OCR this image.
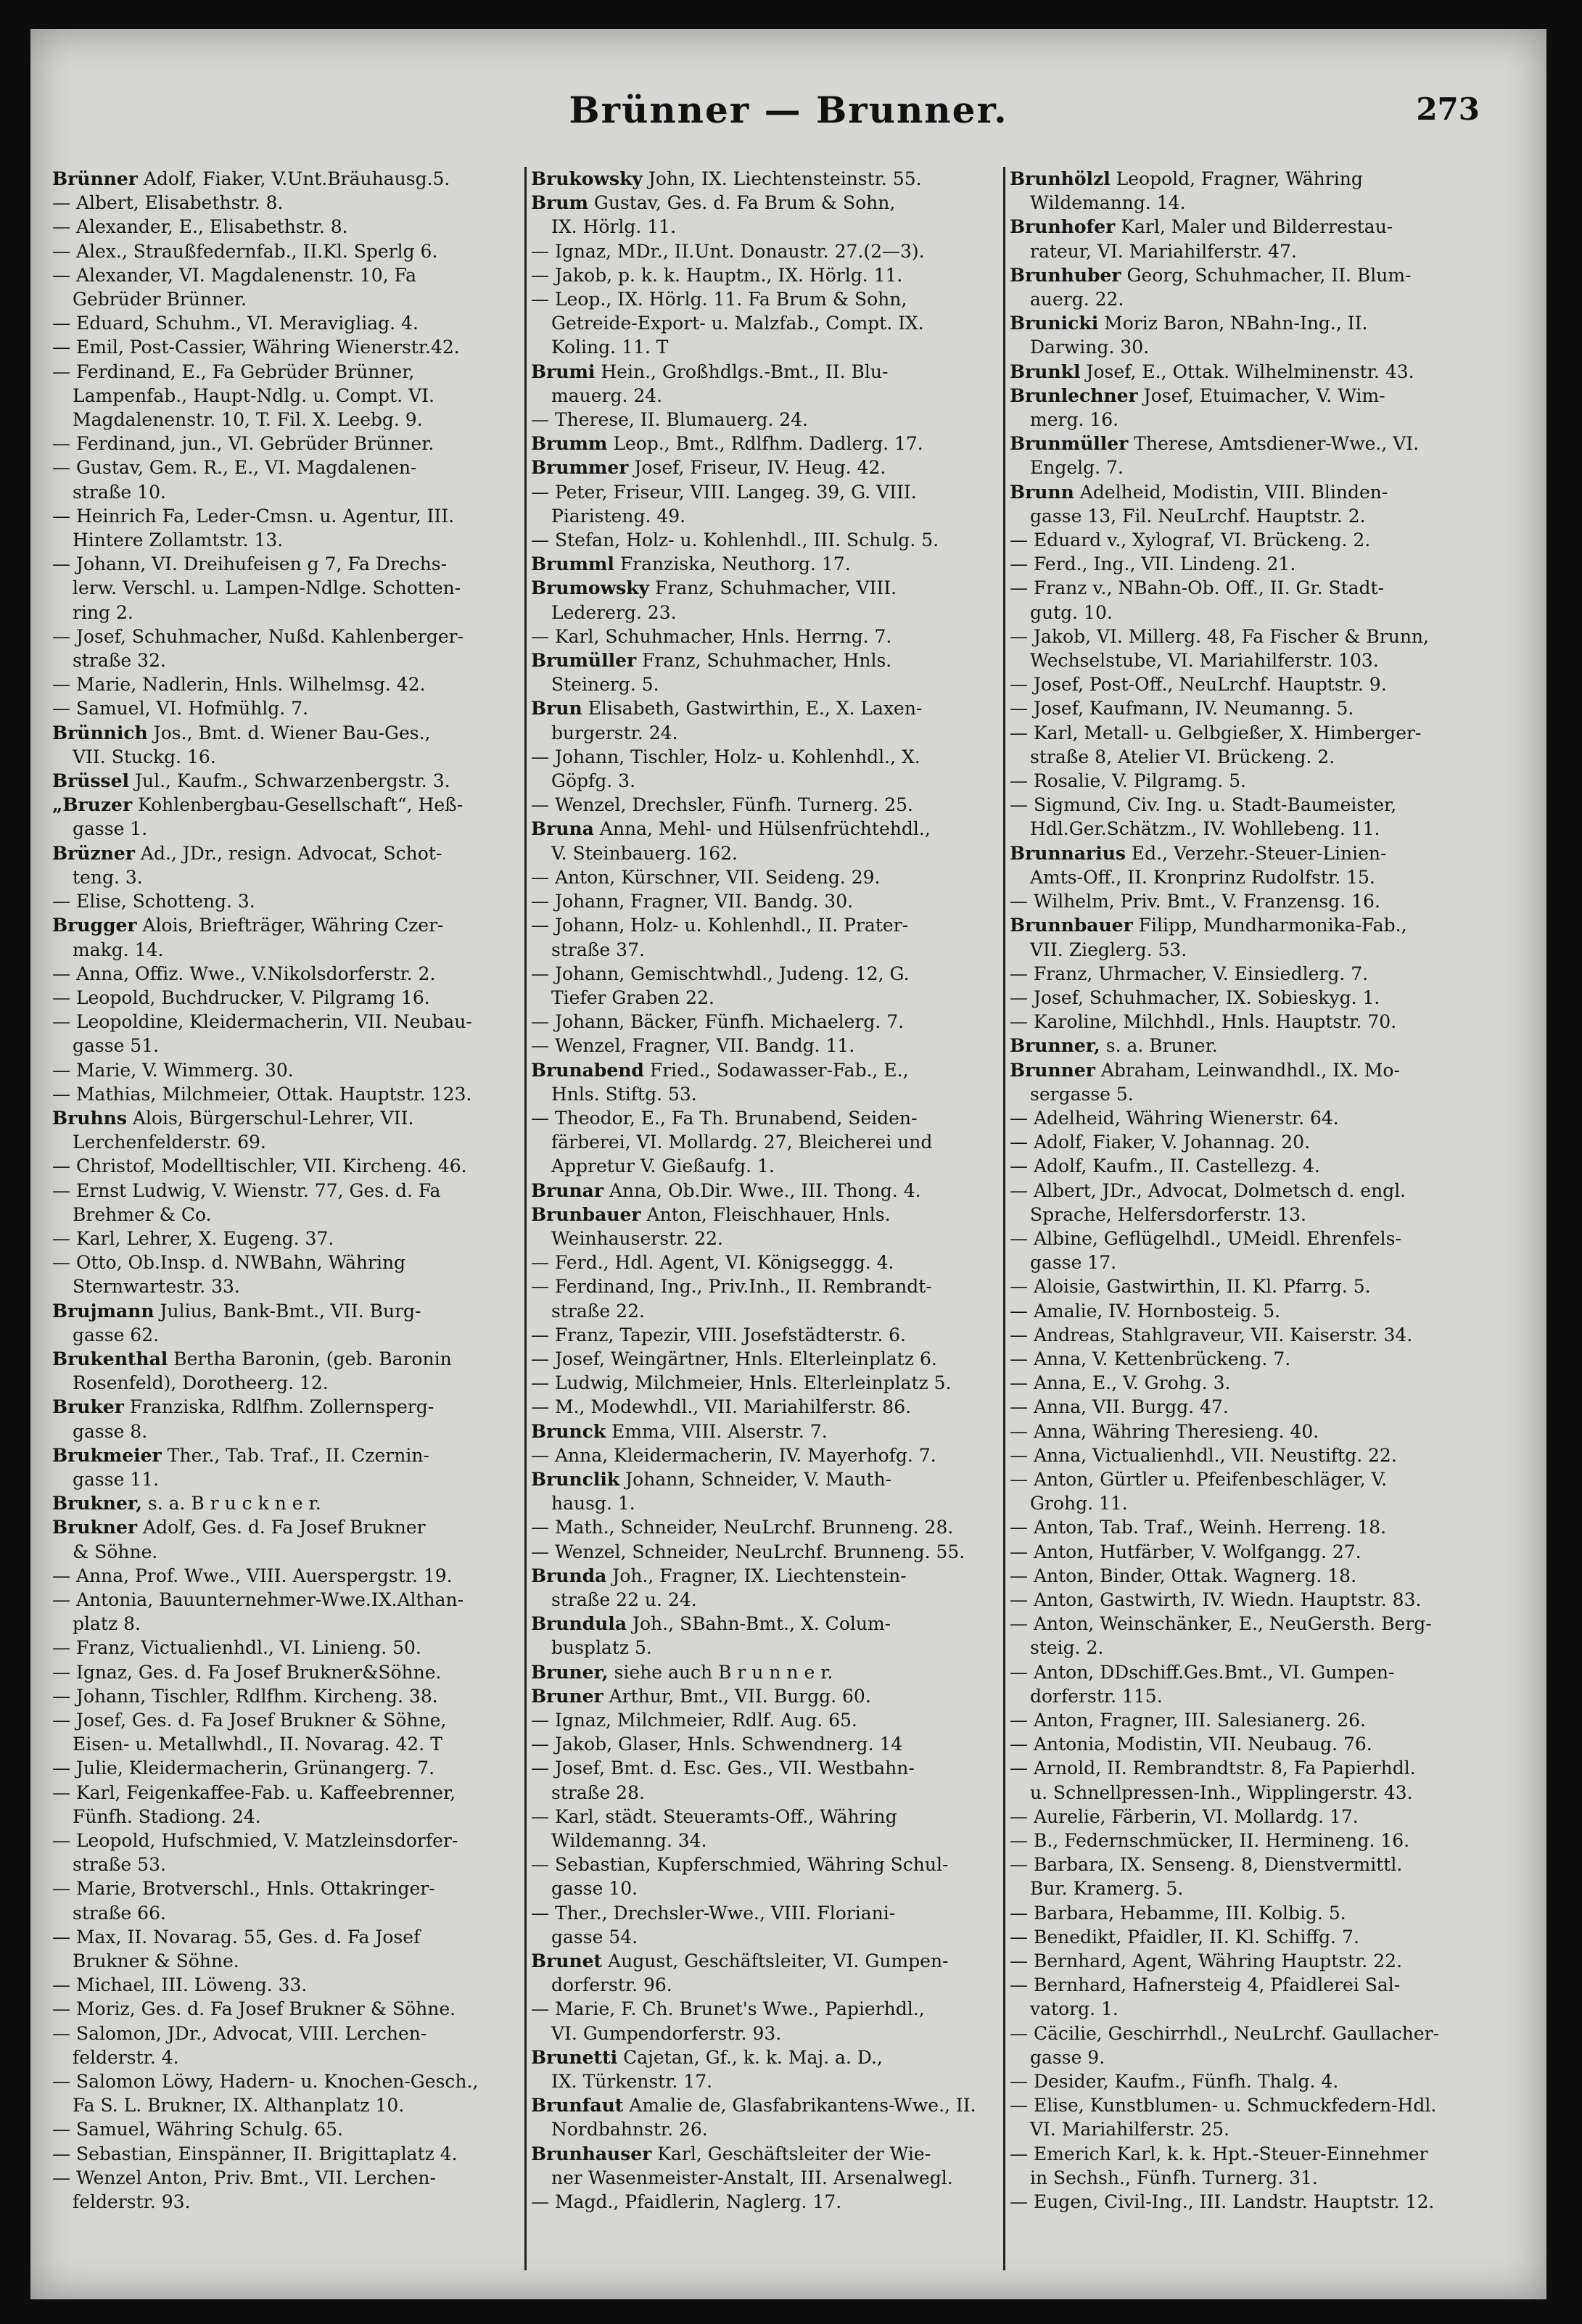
Brünner — Brunner.	273
Brünner Adolf, Fiaker, V.Unt.Bräuhausg.5.
— Albert, Elisabethstr. 8.
— Alexander, E., Elisabethstr. 8.
— Alex., Straußfedernfab., II.Kl. Sperlg 6.
— Alexander, VI. Magdalenenstr. 10, Fa
Gebrüder Brünner.
— Eduard, Schuhm., VI. Meravigliag. 4.
— Emil, Post-Cassier, Währing Wienerstr.42.
— Ferdinand, E., Fa Gebrüder Brünner,
Lampenfab., Haupt-Ndlg. u. Compt. VI.
Magdalenenstr. 10, T. Fil. X. Leebg. 9.
— Ferdinand, jun., VI. Gebrüder Brünner.
— Gustav, Gem. R., E., VI. Magdalenen-
straße 10.
— Heinrich Fa, Leder-Cmsn. u. Agentur, III.
Hintere Zollamtstr. 13.
— Johann, VI. Dreihufeisen g 7, Fa Drechs-
lerw. Verschl. u. Lampen-Ndlge. Schotten-
ring 2.
— Josef, Schuhmacher, Nußd. Kahlenberger-
straße 32.
— Marie, Nadlerin, Hnls. Wilhelmsg. 42.
— Samuel, VI. Hofmühlg. 7.
Brünnich Jos., Bmt. d. Wiener Bau-Ges.,
VII. Stuckg. 16.
Brüssel Jul., Kaufm., Schwarzenbergstr. 3.
„Bruzer Kohlenbergbau-Gesellschaft“, Heß-
gasse 1.
Brüzner Ad., JDr., resign. Advocat, Schot-
teng. 3.
— Elise, Schotteng. 3.
Brugger Alois, Briefträger, Währing Czer-
makg. 14.
— Anna, Offiz. Wwe., V.Nikolsdorferstr. 2.
— Leopold, Buchdrucker, V. Pilgramg 16.
— Leopoldine, Kleidermacherin, VII. Neubau-
gasse 51.
— Marie, V. Wimmerg. 30.
— Mathias, Milchmeier, Ottak. Hauptstr. 123.
Bruhns Alois, Bürgerschul-Lehrer, VII.
Lerchenfelderstr. 69.
— Christof, Modelltischler, VII. Kircheng. 46.
— Ernst Ludwig, V. Wienstr. 77, Ges. d. Fa
Brehmer & Co.
— Karl, Lehrer, X. Eugeng. 37.
— Otto, Ob.Insp. d. NWBahn, Währing
Sternwartestr. 33.
Brujmann Julius, Bank-Bmt., VII. Burg-
gasse 62.
Brukenthal Bertha Baronin, (geb. Baronin
Rosenfeld), Dorotheerg. 12.
Bruker Franziska, Rdlfhm. Zollernsperg-
gasse 8.
Brukmeier Ther., Tab. Traf., II. Czernin-
gasse 11.
Brukner, s. a. B r u c k n e r.
Brukner Adolf, Ges. d. Fa Josef Brukner
& Söhne.
— Anna, Prof. Wwe., VIII. Auerspergstr. 19.
— Antonia, Bauunternehmer-Wwe.IX.Althan-
platz 8.
— Franz, Victualienhdl., VI. Linieng. 50.
— Ignaz, Ges. d. Fa Josef Brukner&Söhne.
— Johann, Tischler, Rdlfhm. Kircheng. 38.
— Josef, Ges. d. Fa Josef Brukner & Söhne,
Eisen- u. Metallwhdl., II. Novarag. 42. T
— Julie, Kleidermacherin, Grünangerg. 7.
— Karl, Feigenkaffee-Fab. u. Kaffeebrenner,
Fünfh. Stadiong. 24.
— Leopold, Hufschmied, V. Matzleinsdorfer-
straße 53.
— Marie, Brotverschl., Hnls. Ottakringer-
straße 66.
— Max, II. Novarag. 55, Ges. d. Fa Josef
Brukner & Söhne.
— Michael, III. Löweng. 33.
— Moriz, Ges. d. Fa Josef Brukner & Söhne.
— Salomon, JDr., Advocat, VIII. Lerchen-
felderstr. 4.
— Salomon Löwy, Hadern- u. Knochen-Gesch.,
Fa S. L. Brukner, IX. Althanplatz 10.
— Samuel, Währing Schulg. 65.
— Sebastian, Einspänner, II. Brigittaplatz 4.
— Wenzel Anton, Priv. Bmt., VII. Lerchen-
felderstr. 93.
Brukowsky John, IX. Liechtensteinstr. 55.
Brum Gustav, Ges. d. Fa Brum & Sohn,
IX. Hörlg. 11.
— Ignaz, MDr., II.Unt. Donaustr. 27.(2—3).
— Jakob, p. k. k. Hauptm., IX. Hörlg. 11.
— Leop., IX. Hörlg. 11. Fa Brum & Sohn,
Getreide-Export- u. Malzfab., Compt. IX.
Koling. 11. T
Brumi Hein., Großhdlgs.-Bmt., II. Blu-
mauerg. 24.
— Therese, II. Blumauerg. 24.
Brumm Leop., Bmt., Rdlfhm. Dadlerg. 17.
Brummer Josef, Friseur, IV. Heug. 42.
— Peter, Friseur, VIII. Langeg. 39, G. VIII.
Piaristeng. 49.
— Stefan, Holz- u. Kohlenhdl., III. Schulg. 5.
Brumml Franziska, Neuthorg. 17.
Brumowsky Franz, Schuhmacher, VIII.
Ledererg. 23.
— Karl, Schuhmacher, Hnls. Herrng. 7.
Brumüller Franz, Schuhmacher, Hnls.
Steinerg. 5.
Brun Elisabeth, Gastwirthin, E., X. Laxen-
burgerstr. 24.
— Johann, Tischler, Holz- u. Kohlenhdl., X.
Göpfg. 3.
— Wenzel, Drechsler, Fünfh. Turnerg. 25.
Bruna Anna, Mehl- und Hülsenfrüchtehdl.,
V. Steinbauerg. 162.
— Anton, Kürschner, VII. Seideng. 29.
— Johann, Fragner, VII. Bandg. 30.
— Johann, Holz- u. Kohlenhdl., II. Prater-
straße 37.
— Johann, Gemischtwhdl., Judeng. 12, G.
Tiefer Graben 22.
— Johann, Bäcker, Fünfh. Michaelerg. 7.
— Wenzel, Fragner, VII. Bandg. 11.
Brunabend Fried., Sodawasser-Fab., E.,
Hnls. Stiftg. 53.
— Theodor, E., Fa Th. Brunabend, Seiden-
färberei, VI. Mollardg. 27, Bleicherei und
Appretur V. Gießaufg. 1.
Brunar Anna, Ob.Dir. Wwe., III. Thong. 4.
Brunbauer Anton, Fleischhauer, Hnls.
Weinhauserstr. 22.
— Ferd., Hdl. Agent, VI. Königseggg. 4.
— Ferdinand, Ing., Priv.Inh., II. Rembrandt-
straße 22.
— Franz, Tapezir, VIII. Josefstädterstr. 6.
— Josef, Weingärtner, Hnls. Elterleinplatz 6.
— Ludwig, Milchmeier, Hnls. Elterleinplatz 5.
— M., Modewhdl., VII. Mariahilferstr. 86.
Brunck Emma, VIII. Alserstr. 7.
— Anna, Kleidermacherin, IV. Mayerhofg. 7.
Brunclik Johann, Schneider, V. Mauth-
hausg. 1.
— Math., Schneider, NeuLrchf. Brunneng. 28.
— Wenzel, Schneider, NeuLrchf. Brunneng. 55.
Brunda Joh., Fragner, IX. Liechtenstein-
straße 22 u. 24.
Brundula Joh., SBahn-Bmt., X. Colum-
busplatz 5.
Bruner, siehe auch B r u n n e r.
Bruner Arthur, Bmt., VII. Burgg. 60.
— Ignaz, Milchmeier, Rdlf. Aug. 65.
— Jakob, Glaser, Hnls. Schwendnerg. 14
— Josef, Bmt. d. Esc. Ges., VII. Westbahn-
straße 28.
— Karl, städt. Steueramts-Off., Währing
Wildemanng. 34.
— Sebastian, Kupferschmied, Währing Schul-
gasse 10.
— Ther., Drechsler-Wwe., VIII. Floriani-
gasse 54.
Brunet August, Geschäftsleiter, VI. Gumpen-
dorferstr. 96.
— Marie, F. Ch. Brunet's Wwe., Papierhdl.,
VI. Gumpendorferstr. 93.
Brunetti Cajetan, Gf., k. k. Maj. a. D.,
IX. Türkenstr. 17.
Brunfaut Amalie de, Glasfabrikantens-Wwe., II.
Nordbahnstr. 26.
Brunhauser Karl, Geschäftsleiter der Wie-
ner Wasenmeister-Anstalt, III. Arsenalwegl.
— Magd., Pfaidlerin, Naglerg. 17.
Brunhölzl Leopold, Fragner, Währing
Wildemanng. 14.
Brunhofer Karl, Maler und Bilderrestau-
rateur, VI. Mariahilferstr. 47.
Brunhuber Georg, Schuhmacher, II. Blum-
auerg. 22.
Brunicki Moriz Baron, NBahn-Ing., II.
Darwing. 30.
Brunkl Josef, E., Ottak. Wilhelminenstr. 43.
Brunlechner Josef, Etuimacher, V. Wim-
merg. 16.
Brunmüller Therese, Amtsdiener-Wwe., VI.
Engelg. 7.
Brunn Adelheid, Modistin, VIII. Blinden-
gasse 13, Fil. NeuLrchf. Hauptstr. 2.
— Eduard v., Xylograf, VI. Brückeng. 2.
— Ferd., Ing., VII. Lindeng. 21.
— Franz v., NBahn-Ob. Off., II. Gr. Stadt-
gutg. 10.
— Jakob, VI. Millerg. 48, Fa Fischer & Brunn,
Wechselstube, VI. Mariahilferstr. 103.
— Josef, Post-Off., NeuLrchf. Hauptstr. 9.
— Josef, Kaufmann, IV. Neumanng. 5.
— Karl, Metall- u. Gelbgießer, X. Himberger-
straße 8, Atelier VI. Brückeng. 2.
— Rosalie, V. Pilgramg. 5.
— Sigmund, Civ. Ing. u. Stadt-Baumeister,
Hdl.Ger.Schätzm., IV. Wohllebeng. 11.
Brunnarius Ed., Verzehr.-Steuer-Linien-
Amts-Off., II. Kronprinz Rudolfstr. 15.
— Wilhelm, Priv. Bmt., V. Franzensg. 16.
Brunnbauer Filipp, Mundharmonika-Fab.,
VII. Zieglerg. 53.
— Franz, Uhrmacher, V. Einsiedlerg. 7.
— Josef, Schuhmacher, IX. Sobieskyg. 1.
— Karoline, Milchhdl., Hnls. Hauptstr. 70.
Brunner, s. a. Bruner.
Brunner Abraham, Leinwandhdl., IX. Mo-
sergasse 5.
— Adelheid, Währing Wienerstr. 64.
— Adolf, Fiaker, V. Johannag. 20.
— Adolf, Kaufm., II. Castellezg. 4.
— Albert, JDr., Advocat, Dolmetsch d. engl.
Sprache, Helfersdorferstr. 13.
— Albine, Geflügelhdl., UMeidl. Ehrenfels-
gasse 17.
— Aloisie, Gastwirthin, II. Kl. Pfarrg. 5.
— Amalie, IV. Hornbosteig. 5.
— Andreas, Stahlgraveur, VII. Kaiserstr. 34.
— Anna, V. Kettenbrückeng. 7.
— Anna, E., V. Grohg. 3.
— Anna, VII. Burgg. 47.
— Anna, Währing Theresieng. 40.
— Anna, Victualienhdl., VII. Neustiftg. 22.
— Anton, Gürtler u. Pfeifenbeschläger, V.
Grohg. 11.
— Anton, Tab. Traf., Weinh. Herreng. 18.
— Anton, Hutfärber, V. Wolfgangg. 27.
— Anton, Binder, Ottak. Wagnerg. 18.
— Anton, Gastwirth, IV. Wiedn. Hauptstr. 83.
— Anton, Weinschänker, E., NeuGersth. Berg-
steig. 2.
— Anton, DDschiff.Ges.Bmt., VI. Gumpen-
dorferstr. 115.
— Anton, Fragner, III. Salesianerg. 26.
— Antonia, Modistin, VII. Neubaug. 76.
— Arnold, II. Rembrandtstr. 8, Fa Papierhdl.
u. Schnellpressen-Inh., Wipplingerstr. 43.
— Aurelie, Färberin, VI. Mollardg. 17.
— B., Federnschmücker, II. Hermineng. 16.
— Barbara, IX. Senseng. 8, Dienstvermittl.
Bur. Kramerg. 5.
— Barbara, Hebamme, III. Kolbig. 5.
— Benedikt, Pfaidler, II. Kl. Schiffg. 7.
— Bernhard, Agent, Währing Hauptstr. 22.
— Bernhard, Hafnersteig 4, Pfaidlerei Sal-
vatorg. 1.
— Cäcilie, Geschirrhdl., NeuLrchf. Gaullacher-
gasse 9.
— Desider, Kaufm., Fünfh. Thalg. 4.
— Elise, Kunstblumen- u. Schmuckfedern-Hdl.
VI. Mariahilferstr. 25.
— Emerich Karl, k. k. Hpt.-Steuer-Einnehmer
in Sechsh., Fünfh. Turnerg. 31.
— Eugen, Civil-Ing., III. Landstr. Hauptstr. 12.
